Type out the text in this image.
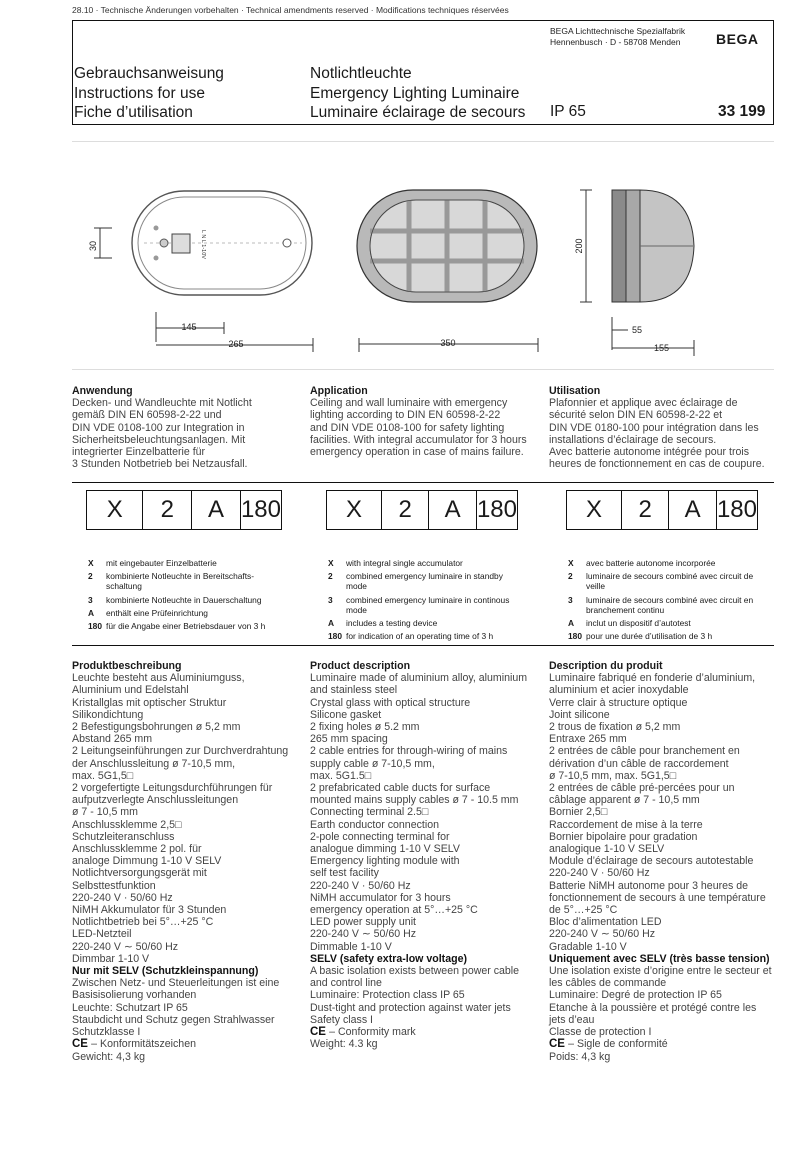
28.10 · Technische Änderungen vorbehalten · Technical amendments reserved · Modifications techniques réservées
BEGA Lichttechnische Spezialfabrik
Hennenbusch · D - 58708 Menden	BEGA
Gebrauchsanweisung
Instructions for use
Fiche d’utilisation
Notlichtleuchte
Emergency Lighting Luminaire
Luminaire éclairage de secours IP 65	33 199
L N L 1-10V
30
145
265	350
200
55
155
Anwendung

Decken- und Wandleuchte mit Notlicht

gemäß DIN EN 60598-2-22 und

DIN VDE 0108-100 zur Integration in

Sicherheitsbeleuchtungsanlagen. Mit

integrierter Einzelbatterie für

3 Stunden Notbetrieb bei Netzausfall.

Application

Ceiling and wall luminaire with emergency

lighting according to DIN EN 60598-2-22

and DIN VDE 0108-100 for safety lighting

facilities. With integral accumulator for 3 hours

emergency operation in case of mains failure.

Utilisation

Plafonnier et applique avec éclairage de

sécurité selon DIN EN 60598-2-22 et

DIN VDE 0180-100 pour intégration dans les

installations d’éclairage de secours.

Avec batterie autonome intégrée pour trois

heures de fonctionnement en cas de coupure.

X	2	A 180	X	2	A 180	X	2	A 180
X	mit eingebauter Einzelbatterie
2	kombinierte Notleuchte in Bereitschafts-schaltung
3	kombinierte Notleuchte in Dauerschaltung
A	enthält eine Prüfeinrichtung
180 für die Angabe einer Betriebsdauer von 3 h
X	with integral single accumulator
2	combined emergency luminaire in standby mode
3	combined emergency luminaire in continous mode
A	includes a testing device
180 for indication of an operating time of 3 h
X	avec batterie autonome incorporée
2	luminaire de secours combiné avec circuit de veille
3	luminaire de secours combiné avec circuit en branchement continu
A	inclut un dispositif d’autotest
180 pour une durée d’utilisation de 3 h
Produktbeschreibung
Leuchte besteht aus Aluminiumguss,
Aluminium und Edelstahl
Kristallglas mit optischer Struktur
Silikondichtung
2 Befestigungsbohrungen ø 5,2 mm
Abstand 265 mm
2 Leitungseinführungen zur Durchverdrahtung
der Anschlussleitung ø 7-10,5 mm,
max. 5G1,5□
2 vorgefertigte Leitungsdurchführungen für
aufputzverlegte Anschlussleitungen
ø 7 - 10,5 mm
Anschlussklemme 2,5□
Schutzleiteranschluss
Anschlussklemme 2 pol. für
analoge Dimmung 1-10 V SELV
Notlichtversorgungsgerät mit
Selbsttestfunktion
220-240 V · 50/60 Hz
NiMH Akkumulator für 3 Stunden
Notlichtbetrieb bei 5°…+25 °C
LED-Netzteil
220-240 V ∼ 50/60 Hz
Dimmbar 1-10 V
Nur mit SELV (Schutzkleinspannung)
Zwischen Netz- und Steuerleitungen ist eine
Basisisolierung vorhanden
Leuchte: Schutzart IP 65
Staubdicht und Schutz gegen Strahlwasser
Schutzklasse I
CE – Konformitätszeichen
Gewicht: 4,3 kg
Product description
Luminaire made of aluminium alloy, aluminium
and stainless steel
Crystal glass with optical structure
Silicone gasket
2 fixing holes ø 5.2 mm
265 mm spacing
2 cable entries for through-wiring of mains
supply cable ø 7-10,5 mm,
max. 5G1.5□
2 prefabricated cable ducts for surface
mounted mains supply cables ø 7 - 10.5 mm
Connecting terminal 2.5□
Earth conductor connection
2-pole connecting terminal for
analogue dimming 1-10 V SELV
Emergency lighting module with
self test facility
220-240 V · 50/60 Hz
NiMH accumulator for 3 hours
emergency operation at 5°…+25 °C
LED power supply unit
220-240 V ∼ 50/60 Hz
Dimmable 1-10 V
SELV (safety extra-low voltage)
A basic isolation exists between power cable
and control line
Luminaire: Protection class IP 65
Dust-tight and protection against water jets
Safety class I
CE – Conformity mark
Weight: 4.3 kg
Description du produit
Luminaire fabriqué en fonderie d’aluminium,
aluminium et acier inoxydable
Verre clair à structure optique
Joint silicone
2 trous de fixation ø 5,2 mm
Entraxe 265 mm
2 entrées de câble pour branchement en
dérivation d’un câble de raccordement
ø 7-10,5 mm, max. 5G1,5□
2 entrées de câble pré-percées pour un
câblage apparent ø 7 - 10,5 mm
Bornier 2,5□
Raccordement de mise à la terre
Bornier bipolaire pour gradation
analogique 1-10 V SELV
Module d’éclairage de secours autotestable
220-240 V · 50/60 Hz
Batterie NiMH autonome pour 3 heures de
fonctionnement de secours à une température
de 5°…+25 °C
Bloc d’alimentation LED
220-240 V ∼ 50/60 Hz
Gradable 1-10 V
Uniquement avec SELV (très basse tension)
Une isolation existe d’origine entre le secteur et
les câbles de commande
Luminaire: Degré de protection IP 65
Etanche à la poussière et protégé contre les
jets d’eau
Classe de protection I
CE – Sigle de conformité
Poids: 4,3 kg
